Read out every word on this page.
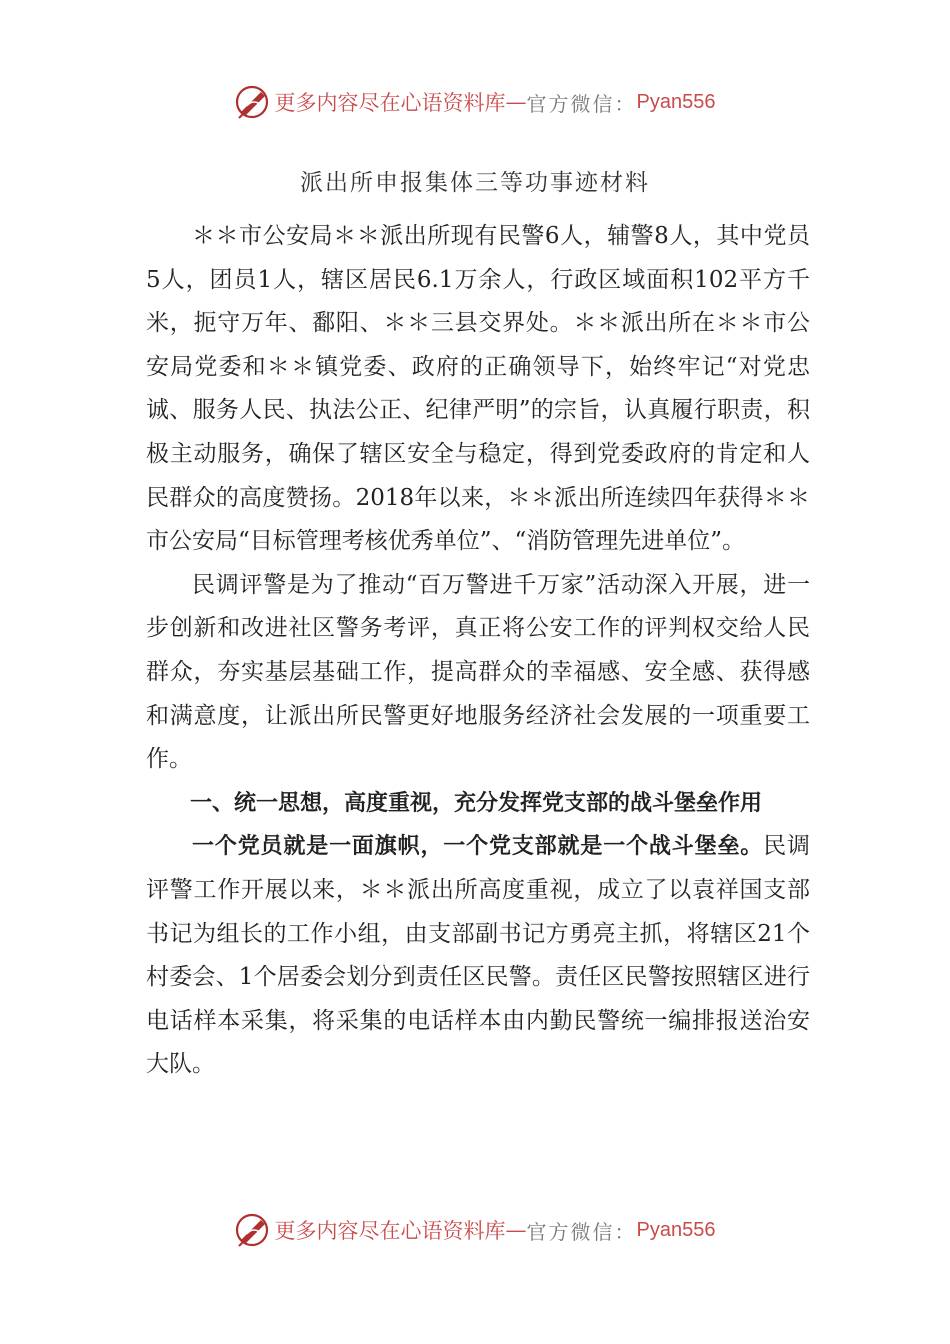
更多内容尽在心语资料库 — 官方微信： Pyan556
派出所申报集体三等功事迹材料

＊＊市公安局＊＊派出所现有民警6人，辅警8人，其中党员5人，团员1人，辖区居民6.1万余人，行政区域面积102平方千米，扼守万年、鄱阳、＊＊三县交界处。＊＊派出所在＊＊市公安局党委和＊＊镇党委、政府的正确领导下，始终牢记“对党忠诚、服务人民、执法公正、纪律严明”的宗旨，认真履行职责，积极主动服务，确保了辖区安全与稳定，得到党委政府的肯定和人民群众的高度赞扬。2018年以来，＊＊派出所连续四年获得＊＊市公安局“目标管理考核优秀单位”、“消防管理先进单位”。

民调评警是为了推动“百万警进千万家”活动深入开展，进一步创新和改进社区警务考评，真正将公安工作的评判权交给人民群众，夯实基层基础工作，提高群众的幸福感、安全感、获得感和满意度，让派出所民警更好地服务经济社会发展的一项重要工作。

一、统一思想，高度重视，充分发挥党支部的战斗堡垒作用

一个党员就是一面旗帜，一个党支部就是一个战斗堡垒。民调评警工作开展以来，＊＊派出所高度重视，成立了以袁祥国支部书记为组长的工作小组，由支部副书记方勇亮主抓，将辖区21个村委会、1个居委会划分到责任区民警。责任区民警按照辖区进行电话样本采集，将采集的电话样本由内勤民警统一编排报送治安大队。

更多内容尽在心语资料库 — 官方微信： Pyan556
